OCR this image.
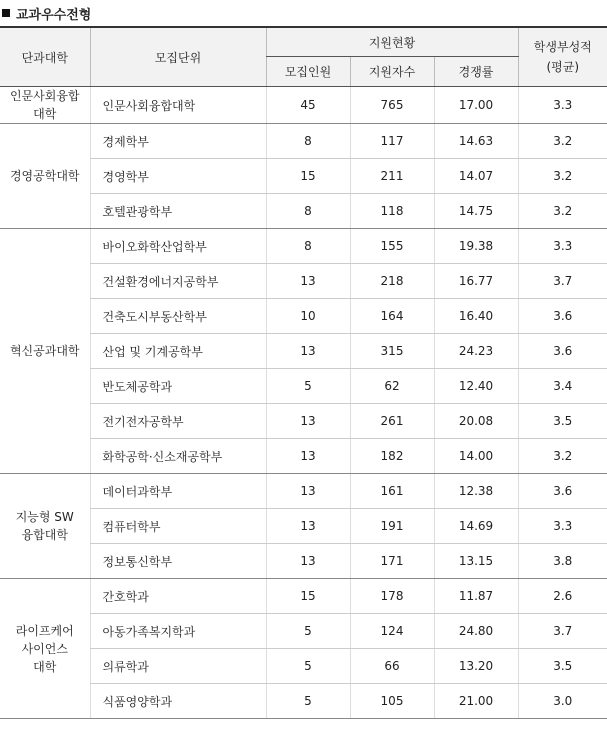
교과우수전형
단과대학	모집단위	지원현황			학생부성적
(평균)
		모집인원	지원자수	경쟁률	
인문사회융합
대학	인문사회융합대학	45	765	17.00	3.3
경영공학대학	경제학부	8	117	14.63	3.2
	경영학부	15	211	14.07	3.2
	호텔관광학부	8	118	14.75	3.2
혁신공과대학	바이오화학산업학부	8	155	19.38	3.3
	건설환경에너지공학부	13	218	16.77	3.7
	건축도시부동산학부	10	164	16.40	3.6
	산업 및 기계공학부	13	315	24.23	3.6
	반도체공학과	5	62	12.40	3.4
	전기전자공학부	13	261	20.08	3.5
	화학공학·신소재공학부	13	182	14.00	3.2
지능형 SW
융합대학	데이터과학부	13	161	12.38	3.6
	컴퓨터학부	13	191	14.69	3.3
	정보통신학부	13	171	13.15	3.8
라이프케어
사이언스
대학	간호학과	15	178	11.87	2.6
	아동가족복지학과	5	124	24.80	3.7
	의류학과	5	66	13.20	3.5
	식품영양학과	5	105	21.00	3.0
